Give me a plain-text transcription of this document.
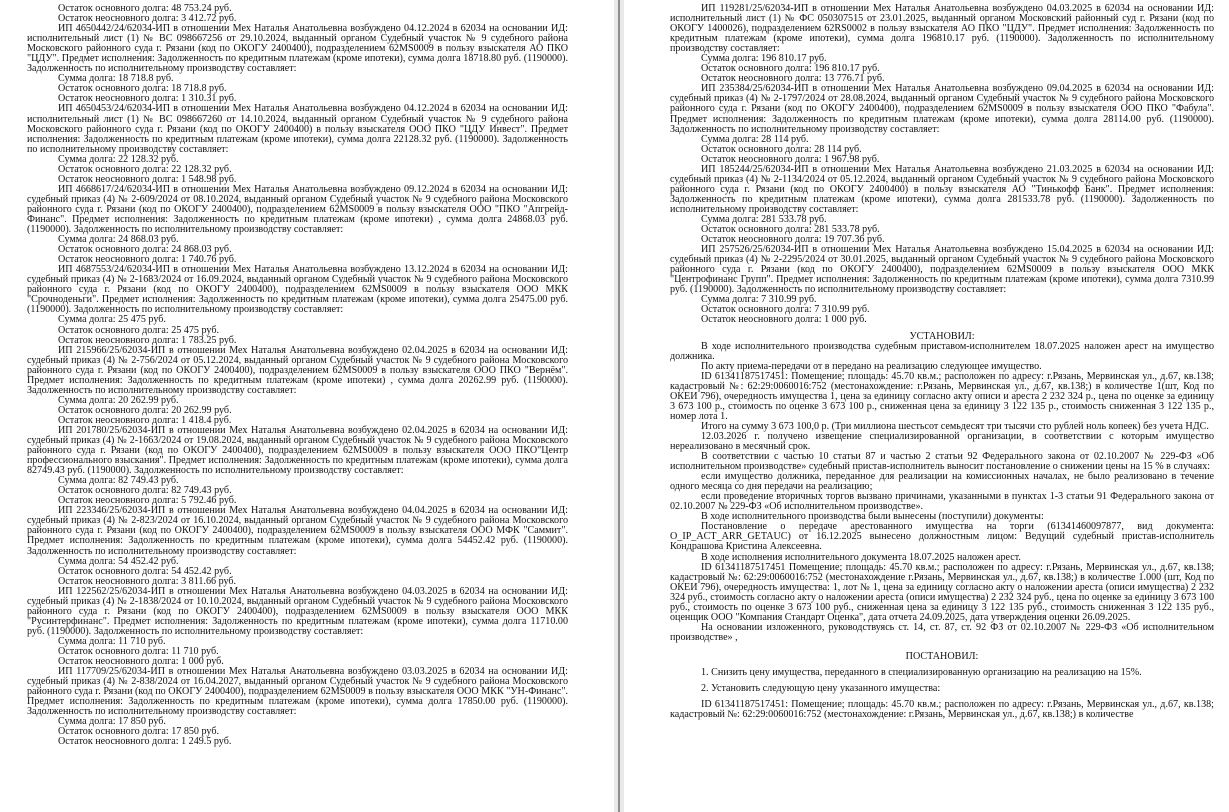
Остаток основного долга: 48 753.24 руб.
Остаток неосновного долга: 3 412.72 руб.
ИП 4650442/24/62034-ИП в отношении Мех Наталья Анатольевна возбуждено 04.12.2024 в 62034 на основании ИД: исполнительный лист (1) № ВС 098667256 от 29.10.2024, выданный органом Судебный участок № 9 судебного района Московского районного суда г. Рязани (код по ОКОГУ 2400400), подразделением 62MS0009 в пользу взыскателя АО ПКО "ЦДУ". Предмет исполнения: Задолженность по кредитным платежам (кроме ипотеки), сумма долга 18718.80 руб. (1190000). Задолженность по исполнительному производству составляет:
Сумма долга: 18 718.8 руб.
Остаток основного долга: 18 718.8 руб.
Остаток неосновного долга: 1 310.31 руб.
ИП 4650453/24/62034-ИП в отношении Мех Наталья Анатольевна возбуждено 04.12.2024 в 62034 на основании ИД: исполнительный лист (1) № ВС 098667260 от 14.10.2024, выданный органом Судебный участок № 9 судебного района Московского районного суда г. Рязани (код по ОКОГУ 2400400) в пользу взыскателя ООО ПКО "ЦДУ Инвест". Предмет исполнения: Задолженность по кредитным платежам (кроме ипотеки), сумма долга 22128.32 руб. (1190000). Задолженность по исполнительному производству составляет:
Сумма долга: 22 128.32 руб.
Остаток основного долга: 22 128.32 руб.
Остаток неосновного долга: 1 548.98 руб.
ИП 4668617/24/62034-ИП в отношении Мех Наталья Анатольевна возбуждено 09.12.2024 в 62034 на основании ИД: судебный приказ (4) № 2-609/2024 от 08.10.2024, выданный органом Судебный участок № 9 судебного района Московского районного суда г. Рязани (код по ОКОГУ 2400400), подразделением 62MS0009 в пользу взыскателя ООО "ПКО "Апгрейд-Финанс". Предмет исполнения: Задолженность по кредитным платежам (кроме ипотеки) , сумма долга 24868.03 руб. (1190000). Задолженность по исполнительному производству составляет:
Сумма долга: 24 868.03 руб.
Остаток основного долга: 24 868.03 руб.
Остаток неосновного долга: 1 740.76 руб.
ИП 4687553/24/62034-ИП в отношении Мех Наталья Анатольевна возбуждено 13.12.2024 в 62034 на основании ИД: судебный приказ (4) № 2-1683/2024 от 16.09.2024, выданный органом Судебный участок № 9 судебного района Московского районного суда г. Рязани (код по ОКОГУ 2400400), подразделением 62MS0009 в пользу взыскателя ООО МКК "Срочноденьги". Предмет исполнения: Задолженность по кредитным платежам (кроме ипотеки), сумма долга 25475.00 руб. (1190000). Задолженность по исполнительному производству составляет:
Сумма долга: 25 475 руб.
Остаток основного долга: 25 475 руб.
Остаток неосновного долга: 1 783.25 руб.
ИП 215966/25/62034-ИП в отношении Мех Наталья Анатольевна возбуждено 02.04.2025 в 62034 на основании ИД: судебный приказ (4) № 2-756/2024 от 05.12.2024, выданный органом Судебный участок № 9 судебного района Московского районного суда г. Рязани (код по ОКОГУ 2400400), подразделением 62MS0009 в пользу взыскателя ООО ПКО "Вернём". Предмет исполнения: Задолженность по кредитным платежам (кроме ипотеки) , сумма долга 20262.99 руб. (1190000). Задолженность по исполнительному производству составляет:
Сумма долга: 20 262.99 руб.
Остаток основного долга: 20 262.99 руб.
Остаток неосновного долга: 1 418.4 руб.
ИП 201780/25/62034-ИП в отношении Мех Наталья Анатольевна возбуждено 02.04.2025 в 62034 на основании ИД: судебный приказ (4) № 2-1663/2024 от 19.08.2024, выданный органом Судебный участок № 9 судебного района Московского районного суда г. Рязани (код по ОКОГУ 2400400), подразделением 62MS0009 в пользу взыскателя ООО ПКО"Центр профессионального взыскания". Предмет исполнения: Задолженность по кредитным платежам (кроме ипотеки), сумма долга 82749.43 руб. (1190000). Задолженность по исполнительному производству составляет:
Сумма долга: 82 749.43 руб.
Остаток основного долга: 82 749.43 руб.
Остаток неосновного долга: 5 792.46 руб.
ИП 223346/25/62034-ИП в отношении Мех Наталья Анатольевна возбуждено 04.04.2025 в 62034 на основании ИД: судебный приказ (4) № 2-823/2024 от 16.10.2024, выданный органом Судебный участок № 9 судебного района Московского районного суда г. Рязани (код по ОКОГУ 2400400), подразделением 62MS0009 в пользу взыскателя ООО МФК "Саммит". Предмет исполнения: Задолженность по кредитным платежам (кроме ипотеки), сумма долга 54452.42 руб. (1190000). Задолженность по исполнительному производству составляет:
Сумма долга: 54 452.42 руб.
Остаток основного долга: 54 452.42 руб.
Остаток неосновного долга: 3 811.66 руб.
ИП 122562/25/62034-ИП в отношении Мех Наталья Анатольевна возбуждено 04.03.2025 в 62034 на основании ИД: судебный приказ (4) № 2-1838/2024 от 10.10.2024, выданный органом Судебный участок № 9 судебного района Московского районного суда г. Рязани (код по ОКОГУ 2400400), подразделением 62MS0009 в пользу взыскателя ООО МКК "Русинтерфинанс". Предмет исполнения: Задолженность по кредитным платежам (кроме ипотеки), сумма долга 11710.00 руб. (1190000). Задолженность по исполнительному производству составляет:
Сумма долга: 11 710 руб.
Остаток основного долга: 11 710 руб.
Остаток неосновного долга: 1 000 руб.
ИП 117709/25/62034-ИП в отношении Мех Наталья Анатольевна возбуждено 03.03.2025 в 62034 на основании ИД: судебный приказ (4) № 2-838/2024 от 16.04.2027, выданный органом Судебный участок № 9 судебного района Московского районного суда г. Рязани (код по ОКОГУ 2400400), подразделением 62MS0009 в пользу взыскателя ООО МКК "УН-Финанс". Предмет исполнения: Задолженность по кредитным платежам (кроме ипотеки), сумма долга 17850.00 руб. (1190000). Задолженность по исполнительному производству составляет:
Сумма долга: 17 850 руб.
Остаток основного долга: 17 850 руб.
Остаток неосновного долга: 1 249.5 руб.
ИП 119281/25/62034-ИП в отношении Мех Наталья Анатольевна возбуждено 04.03.2025 в 62034 на основании ИД: исполнительный лист (1) № ФС 050307515 от 23.01.2025, выданный органом Московский районный суд г. Рязани (код по ОКОГУ 1400026), подразделением 62RS0002 в пользу взыскателя АО ПКО "ЦДУ". Предмет исполнения: Задолженность по кредитным платежам (кроме ипотеки), сумма долга 196810.17 руб. (1190000). Задолженность по исполнительному производству составляет:
Сумма долга: 196 810.17 руб.
Остаток основного долга: 196 810.17 руб.
Остаток неосновного долга: 13 776.71 руб.
ИП 235384/25/62034-ИП в отношении Мех Наталья Анатольевна возбуждено 09.04.2025 в 62034 на основании ИД: судебный приказ (4) № 2-1797/2024 от 28.08.2024, выданный органом Судебный участок № 9 судебного района Московского районного суда г. Рязани (код по ОКОГУ 2400400), подразделением 62MS0009 в пользу взыскателя ООО ПКО "Фабула". Предмет исполнения: Задолженность по кредитным платежам (кроме ипотеки), сумма долга 28114.00 руб. (1190000). Задолженность по исполнительному производству составляет:
Сумма долга: 28 114 руб.
Остаток основного долга: 28 114 руб.
Остаток неосновного долга: 1 967.98 руб.
ИП 185244/25/62034-ИП в отношении Мех Наталья Анатольевна возбуждено 21.03.2025 в 62034 на основании ИД: судебный приказ (4) № 2-1134/2024 от 05.12.2024, выданный органом Судебный участок № 9 судебного района Московского районного суда г. Рязани (код по ОКОГУ 2400400) в пользу взыскателя АО "Тинькофф Банк". Предмет исполнения: Задолженность по кредитным платежам (кроме ипотеки), сумма долга 281533.78 руб. (1190000). Задолженность по исполнительному производству составляет:
Сумма долга: 281 533.78 руб.
Остаток основного долга: 281 533.78 руб.
Остаток неосновного долга: 19 707.36 руб.
ИП 257526/25/62034-ИП в отношении Мех Наталья Анатольевна возбуждено 15.04.2025 в 62034 на основании ИД: судебный приказ (4) № 2-2295/2024 от 30.01.2025, выданный органом Судебный участок № 9 судебного района Московского районного суда г. Рязани (код по ОКОГУ 2400400), подразделением 62MS0009 в пользу взыскателя ООО МКК "Центрофинанс Групп". Предмет исполнения: Задолженность по кредитным платежам (кроме ипотеки), сумма долга 7310.99 руб. (1190000). Задолженность по исполнительному производству составляет:
Сумма долга: 7 310.99 руб.
Остаток основного долга: 7 310.99 руб.
Остаток неосновного долга: 1 000 руб.
УСТАНОВИЛ:
В ходе исполнительного производства судебным приставом-исполнителем 18.07.2025 наложен арест на имущество должника.
По акту приема-передачи от в передано на реализацию следующее имущество.
ID 61341187517451: Помещение; площадь: 45.70 кв.м.; расположен по адресу: г.Рязань, Мервинская ул., д.67, кв.138; кадастровый №: 62:29:0060016:752 (местонахождение: г.Рязань, Мервинская ул., д.67, кв.138;) в количестве 1(шт, Код по ОКЕИ 796), очередность имущества 1, цена за единицу согласно акту описи и ареста 2 232 324 р., цена по оценке за единицу 3 673 100 р., стоимость по оценке 3 673 100 р., сниженная цена за единицу 3 122 135 р., стоимость сниженная 3 122 135 р., номер лота 1.
Итого на сумму 3 673 100,0 р. (Три миллиона шестьсот семьдесят три тысячи сто рублей ноль копеек) без учета НДС.
12.03.2026 г. получено извещение специализированной организации, в соответствии с которым имущество нереализовано в месячный срок.
В соответствии с частью 10 статьи 87 и частью 2 статьи 92 Федерального закона от 02.10.2007 № 229-ФЗ «Об исполнительном производстве» судебный пристав-исполнитель выносит постановление о снижении цены на 15 % в случаях:
если имущество должника, переданное для реализации на комиссионных началах, не было реализовано в течение одного месяца со дня передачи на реализацию;
если проведение вторичных торгов вызвано причинами, указанными в пунктах 1-3 статьи 91 Федерального закона от 02.10.2007 № 229-ФЗ «Об исполнительном производстве».
В ходе исполнительного производства были вынесены (поступили) документы:
Постановление о передаче арестованного имущества на торги (61341460097877, вид документа: O_IP_ACT_ARR_GETAUC) от 16.12.2025 вынесено должностным лицом: Ведущий судебный пристав-исполнитель Кондрашова Кристина Алексеевна.
В ходе исполнения исполнительного документа 18.07.2025 наложен арест.
ID 61341187517451 Помещение; площадь: 45.70 кв.м.; расположен по адресу: г.Рязань, Мервинская ул., д.67, кв.138; кадастровый №: 62:29:0060016:752 (местонахождение г.Рязань, Мервинская ул., д.67, кв.138;) в количестве 1.000 (шт, Код по ОКЕИ 796), очередность имущества: 1, лот № 1, цена за единицу согласно акту о наложении ареста (описи имущества) 2 232 324 руб., стоимость согласно акту о наложении ареста (описи имущества) 2 232 324 руб., цена по оценке за единицу 3 673 100 руб., стоимость по оценке 3 673 100 руб., сниженная цена за единицу 3 122 135 руб., стоимость сниженная 3 122 135 руб., оценщик ООО "Компания Стандарт Оценка", дата отчета 24.09.2025, дата утверждения оценки 26.09.2025.
На основании изложенного, руководствуясь ст. 14, ст. 87, ст. 92 ФЗ от 02.10.2007 № 229-ФЗ «Об исполнительном производстве» ,
ПОСТАНОВИЛ:
1. Снизить цену имущества, переданного в специализированную организацию на реализацию на 15%.
2. Установить следующую цену указанного имущества:
ID 61341187517451: Помещение; площадь: 45.70 кв.м.; расположен по адресу: г.Рязань, Мервинская ул., д.67, кв.138; кадастровый №: 62:29:0060016:752 (местонахождение: г.Рязань, Мервинская ул., д.67, кв.138;) в количестве
